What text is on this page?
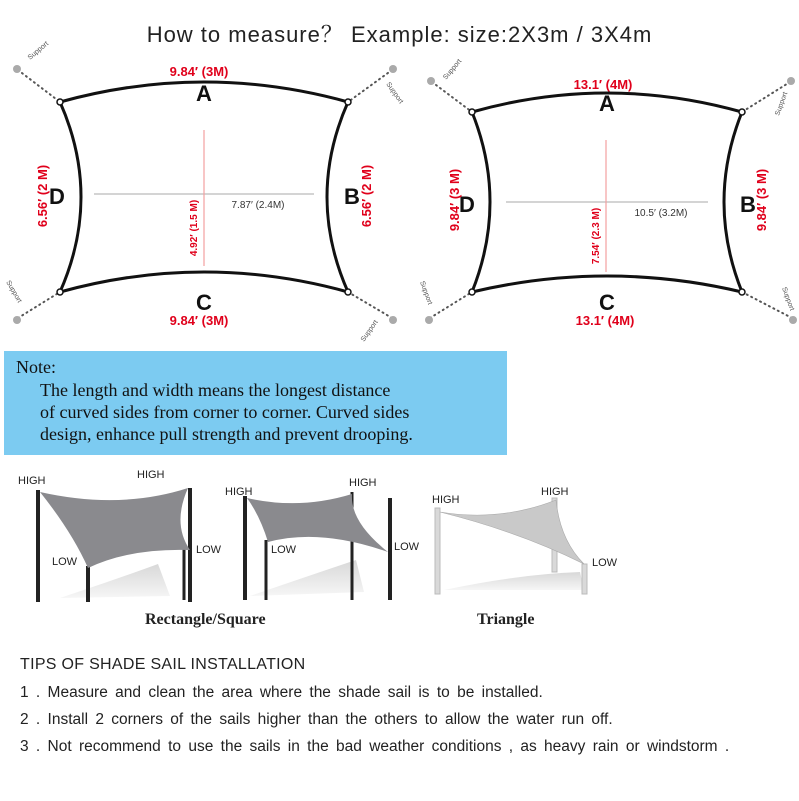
How to measure？ Example: size:2X3m / 3X4m
A
C
D	B
9.84′ (3M)
9.84′ (3M)
6.56′ (2 M)	6.56′ (2 M)
7.87′ (2.4M)
4.92′ (1.5 M)
Support
Support
Support
Support
A
C
D	B
13.1′ (4M)
13.1′ (4M)
9.84′ (3 M)	9.84′ (3 M)
10.5′ (3.2M)
7.54′ (2.3 M)
Support
Support
Support	Support
Note:
The length and width means the longest distance
of curved sides from corner to corner. Curved sides
design, enhance pull strength and prevent drooping.
HIGH	HIGH
LOW
LOW
HIGH
HIGH
LOW	LOW
HIGH
HIGH
LOW
Rectangle/Square	Triangle
TIPS OF SHADE SAIL INSTALLATION
1 . Measure and clean the area where the shade sail is to be installed.
2 . Install 2 corners of the sails higher than the others to allow the water run off.
3 . Not recommend to use the sails in the bad weather conditions , as heavy rain or windstorm .
